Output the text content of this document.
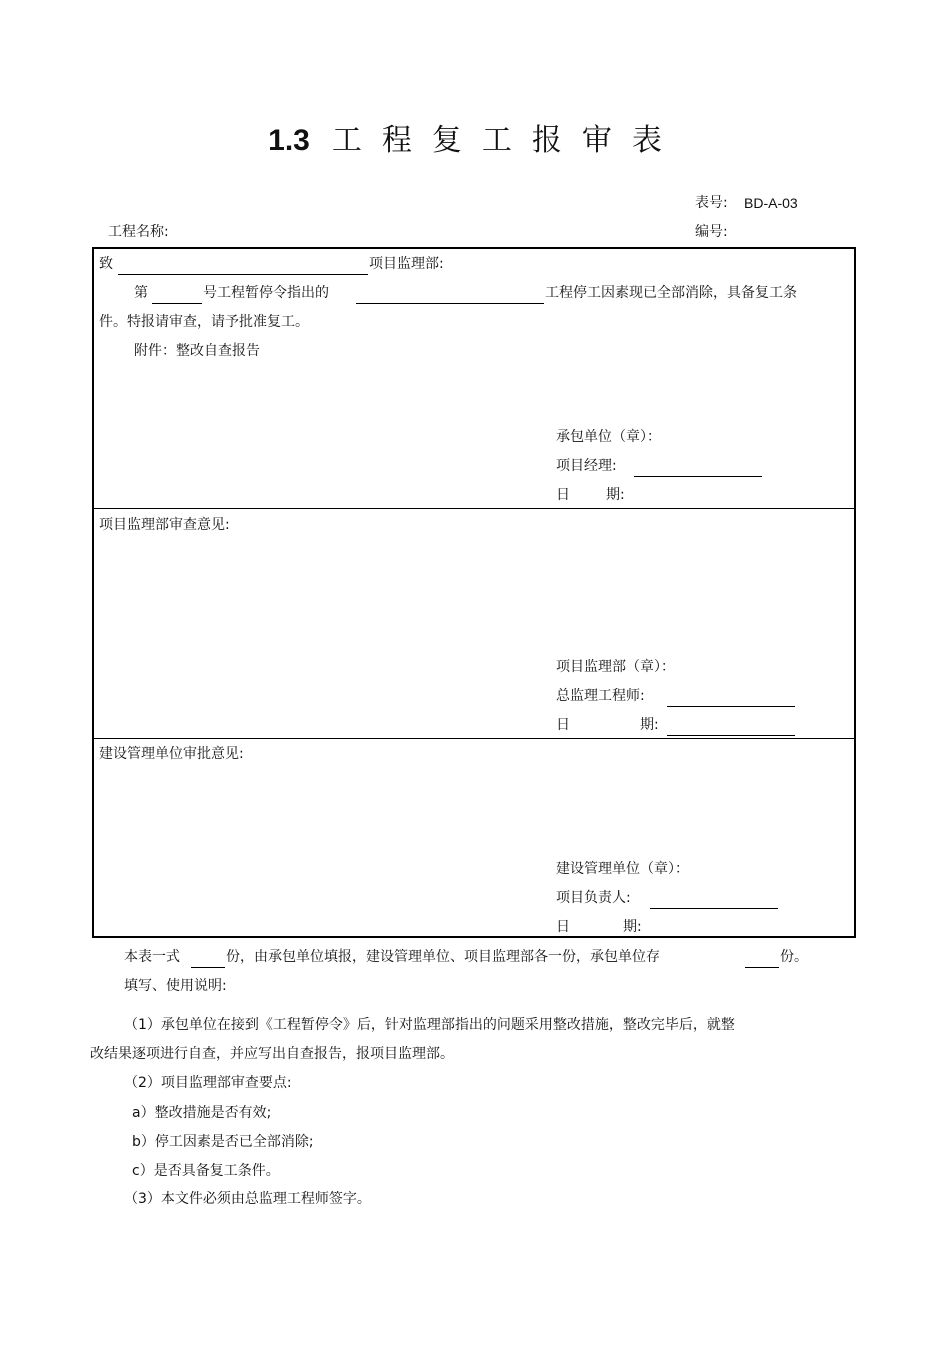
1.3 工程复工报审表
表号: BD-A-03
工程名称:	编号:
致	项目监理部:
第	号工程暂停令指出的	工程停工因素现已全部消除，具备复工条
件。特报请审查，请予批准复工。
附件：整改自查报告
承包单位（章）：
项目经理:
日	期:
项目监理部审查意见:
项目监理部（章）：
总监理工程师:
日	期:
建设管理单位审批意见:
建设管理单位（章）：
项目负责人:
日	期:
本表一式	份，由承包单位填报，建设管理单位、项目监理部各一份，承包单位存	份。
填写、使用说明:
（1）承包单位在接到《工程暂停令》后，针对监理部指出的问题采用整改措施，整改完毕后，就整
改结果逐项进行自查，并应写出自查报告，报项目监理部。
（2）项目监理部审查要点:
a）整改措施是否有效;
b）停工因素是否已全部消除;
c）是否具备复工条件。
（3）本文件必须由总监理工程师签字。
